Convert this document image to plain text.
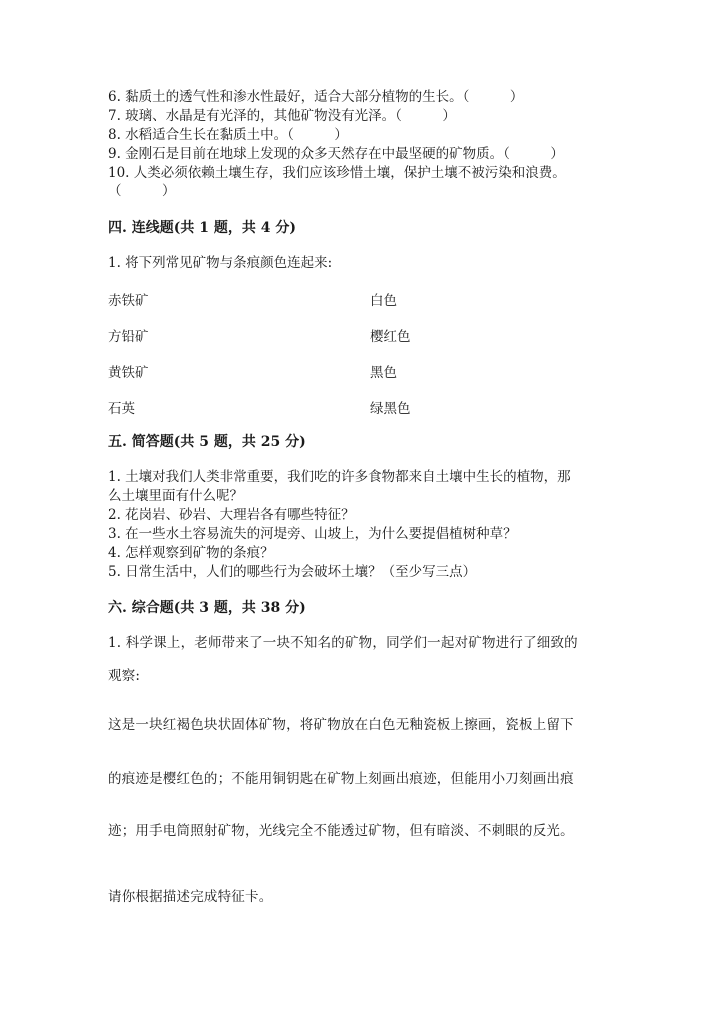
6. 黏质土的透气性和渗水性最好，适合大部分植物的生长。（　　　）
7. 玻璃、水晶是有光泽的，其他矿物没有光泽。（　　　）
8. 水稻适合生长在黏质土中。（　　　）
9. 金刚石是目前在地球上发现的众多天然存在中最坚硬的矿物质。（　　　）
10. 人类必须依赖土壤生存，我们应该珍惜土壤，保护土壤不被污染和浪费。
（　　　）
四. 连线题(共 1 题，共 4 分)
1. 将下列常见矿物与条痕颜色连起来:
赤铁矿	白色
方铅矿	樱红色
黄铁矿	黑色
石英	绿黑色
五. 简答题(共 5 题，共 25 分)
1. 土壤对我们人类非常重要，我们吃的许多食物都来自土壤中生长的植物，那
么土壤里面有什么呢？
2. 花岗岩、砂岩、大理岩各有哪些特征？
3. 在一些水土容易流失的河堤旁、山坡上，为什么要提倡植树种草？
4. 怎样观察到矿物的条痕？
5. 日常生活中，人们的哪些行为会破坏土壤？（至少写三点）
六. 综合题(共 3 题，共 38 分)
1. 科学课上，老师带来了一块不知名的矿物，同学们一起对矿物进行了细致的
观察:
这是一块红褐色块状固体矿物，将矿物放在白色无釉瓷板上擦画，瓷板上留下
的痕迹是樱红色的；不能用铜钥匙在矿物上刻画出痕迹，但能用小刀刻画出痕
迹；用手电筒照射矿物，光线完全不能透过矿物，但有暗淡、不刺眼的反光。
请你根据描述完成特征卡。
